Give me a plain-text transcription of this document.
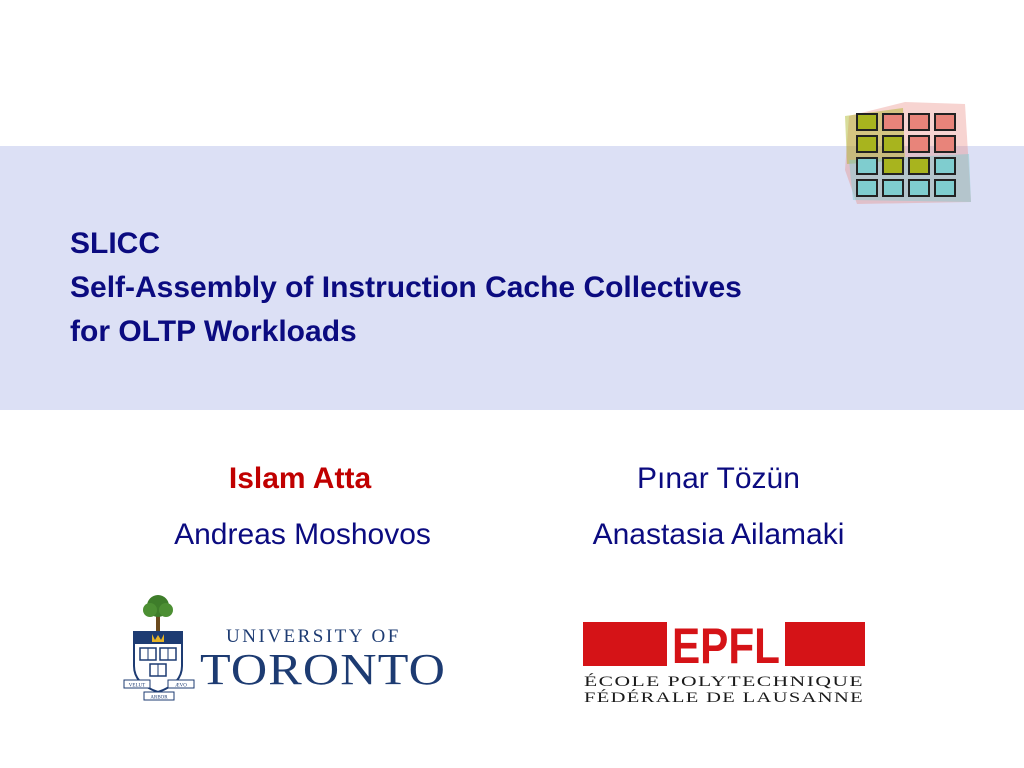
SLICC
Self-Assembly of Instruction Cache Collectives
for OLTP Workloads
Islam Atta	Pınar Tözün
Andreas Moshovos	Anastasia Ailamaki
VELUT	ÆVO
ARBOR
UNIVERSITY OF
TORONTO	EPFL
ÉCOLE POLYTECHNIQUE
FÉDÉRALE DE LAUSANNE
